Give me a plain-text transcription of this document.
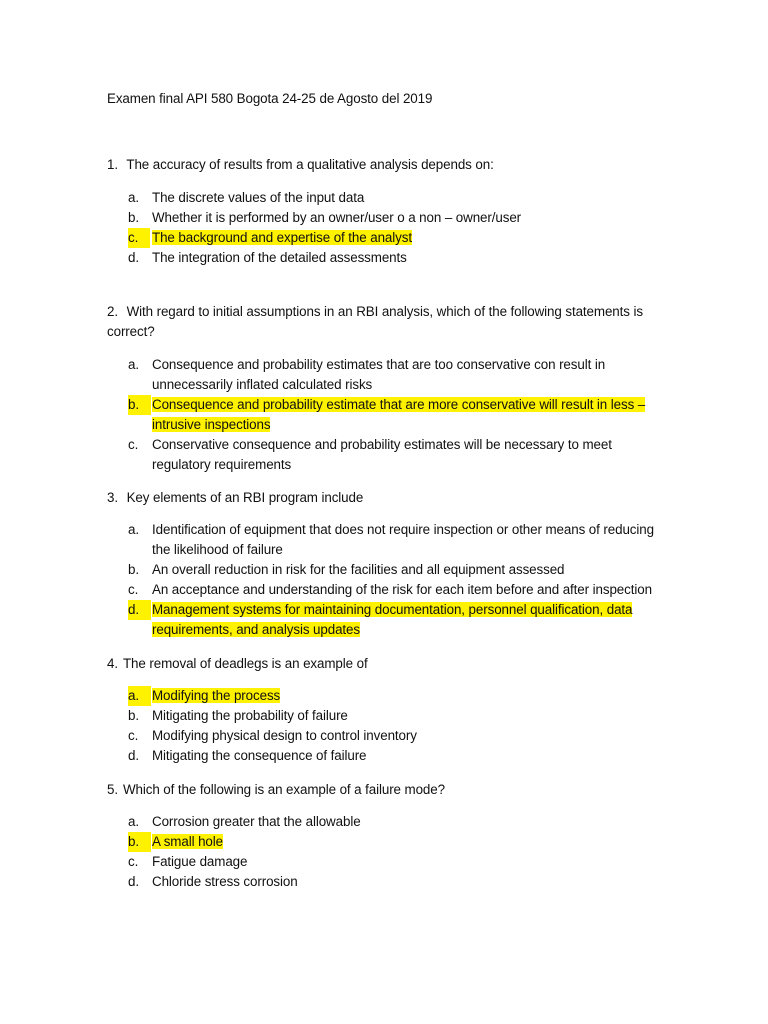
Examen final API 580 Bogota 24-25 de Agosto del 2019
1. The accuracy of results from a qualitative analysis depends on:
a. The discrete values of the input data
b. Whether it is performed by an owner/user o a non – owner/user
c.	The background and expertise of the analyst
d. The integration of the detailed assessments
2. With regard to initial assumptions in an RBI analysis, which of the following statements is correct?
a. Consequence and probability estimates that are too conservative con result in unnecessarily inflated calculated risks
b. Consequence and probability estimate that are more conservative will result in less – intrusive inspections
c. Conservative consequence and probability estimates will be necessary to meet regulatory requirements
3. Key elements of an RBI program include
a. Identification of equipment that does not require inspection or other means of reducing the likelihood of failure
b. An overall reduction in risk for the facilities and all equipment assessed
c. An acceptance and understanding of the risk for each item before and after inspection
d. Management systems for maintaining documentation, personnel qualification, data requirements, and analysis updates
4. The removal of deadlegs is an example of
a. Modifying the process
b. Mitigating the probability of failure
c. Modifying physical design to control inventory
d. Mitigating the consequence of failure
5. Which of the following is an example of a failure mode?
a. Corrosion greater that the allowable
b. A small hole
c. Fatigue damage
d. Chloride stress corrosion
